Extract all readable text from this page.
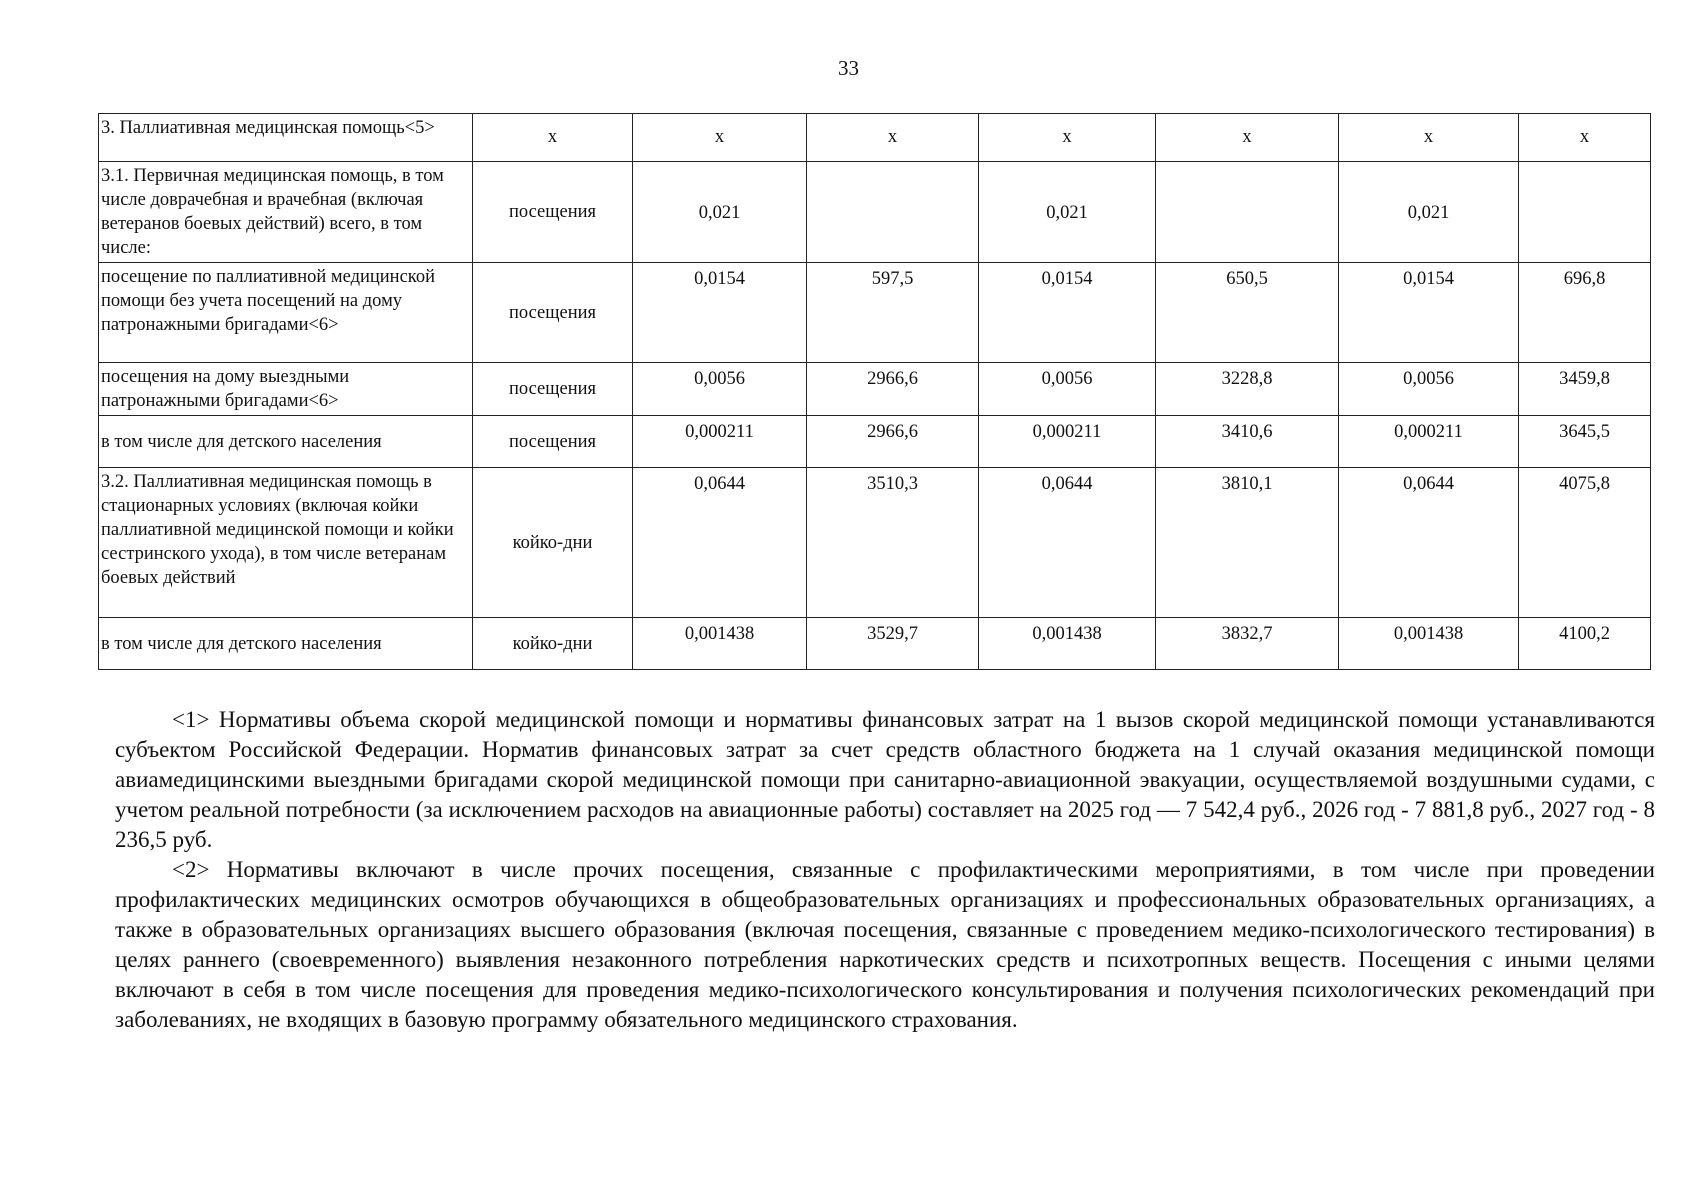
33
3. Паллиативная медицинская помощь<5>	х	х	х	х	х	х	х
3.1. Первичная медицинская помощь, в том числе доврачебная и врачебная (включая ветеранов боевых действий) всего, в том числе:	посещения	0,021		0,021		0,021	
посещение по паллиативной медицинской помощи без учета посещений на дому патронажными бригадами<6>	посещения	0,0154	597,5	0,0154	650,5	0,0154	696,8
посещения на дому выездными патронажными бригадами<6>	посещения	0,0056	2966,6	0,0056	3228,8	0,0056	3459,8
в том числе для детского населения	посещения	0,000211	2966,6	0,000211	3410,6	0,000211	3645,5
3.2. Паллиативная медицинская помощь в стационарных условиях (включая койки паллиативной медицинской помощи и койки сестринского ухода), в том числе ветеранам боевых действий	койко-дни	0,0644	3510,3	0,0644	3810,1	0,0644	4075,8
в том числе для детского населения	койко-дни	0,001438	3529,7	0,001438	3832,7	0,001438	4100,2

<1> Нормативы объема скорой медицинской помощи и нормативы финансовых затрат на 1 вызов скорой медицинской помощи устанавливаются субъектом Российской Федерации. Норматив финансовых затрат за счет средств областного бюджета на 1 случай оказания медицинской помощи авиамедицинскими выездными бригадами скорой медицинской помощи при санитарно-авиационной эвакуации, осуществляемой воздушными судами, с учетом реальной потребности (за исключением расходов на авиационные работы) составляет на 2025 год — 7 542,4 руб., 2026 год - 7 881,8 руб., 2027 год - 8 236,5 руб.

<2> Нормативы включают в числе прочих посещения, связанные с профилактическими мероприятиями, в том числе при проведении профилактических медицинских осмотров обучающихся в общеобразовательных организациях и профессиональных образовательных организациях, а также в образовательных организациях высшего образования (включая посещения, связанные с проведением медико-психологического тестирования) в целях раннего (своевременного) выявления незаконного потребления наркотических средств и психотропных веществ. Посещения с иными целями включают в себя в том числе посещения для проведения медико-психологического консультирования и получения психологических рекомендаций при заболеваниях, не входящих в базовую программу обязательного медицинского страхования.
